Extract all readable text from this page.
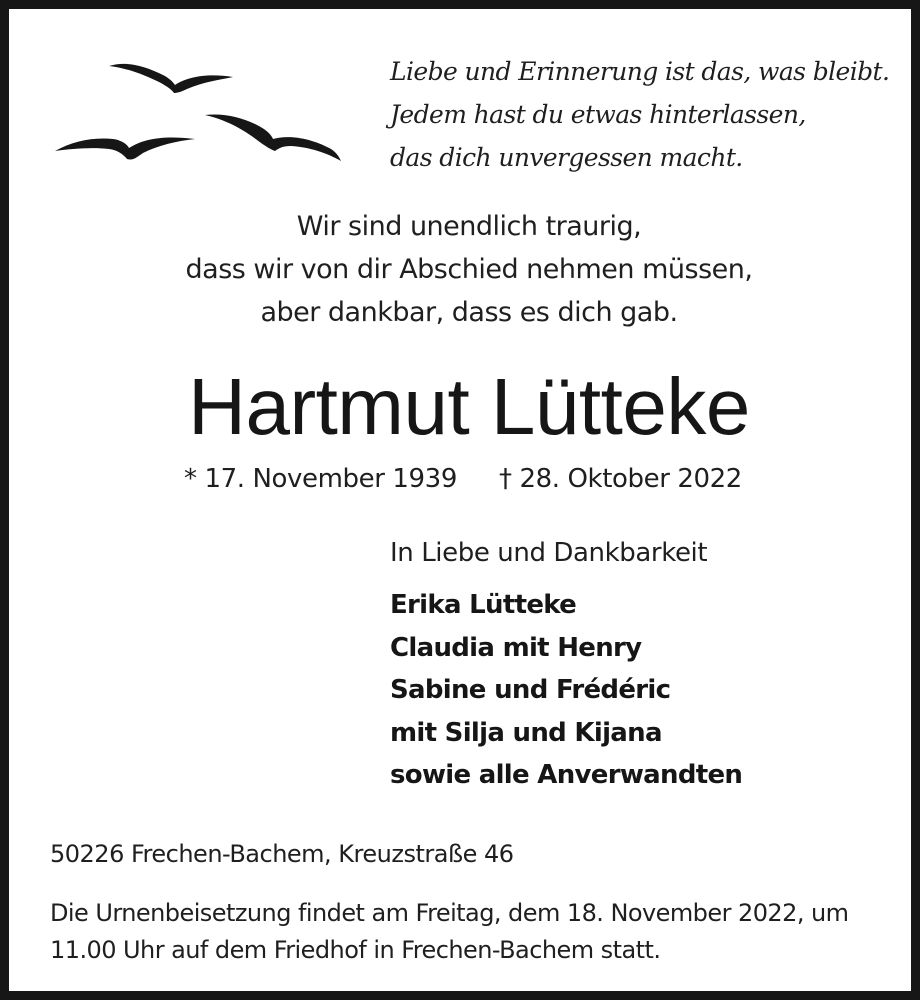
Liebe und Erinnerung ist das, was bleibt.
Jedem hast du etwas hinterlassen,
das dich unvergessen macht.
Wir sind unendlich traurig,
dass wir von dir Abschied nehmen müssen,
aber dankbar, dass es dich gab.
Hartmut Lütteke
* 17. November 1939 † 28. Oktober 2022
In Liebe und Dankbarkeit
Erika Lütteke
Claudia mit Henry
Sabine und Frédéric
mit Silja und Kijana
sowie alle Anverwandten
50226 Frechen-Bachem, Kreuzstraße 46
Die Urnenbeisetzung findet am Freitag, dem 18. November 2022, um
11.00 Uhr auf dem Friedhof in Frechen-Bachem statt.
